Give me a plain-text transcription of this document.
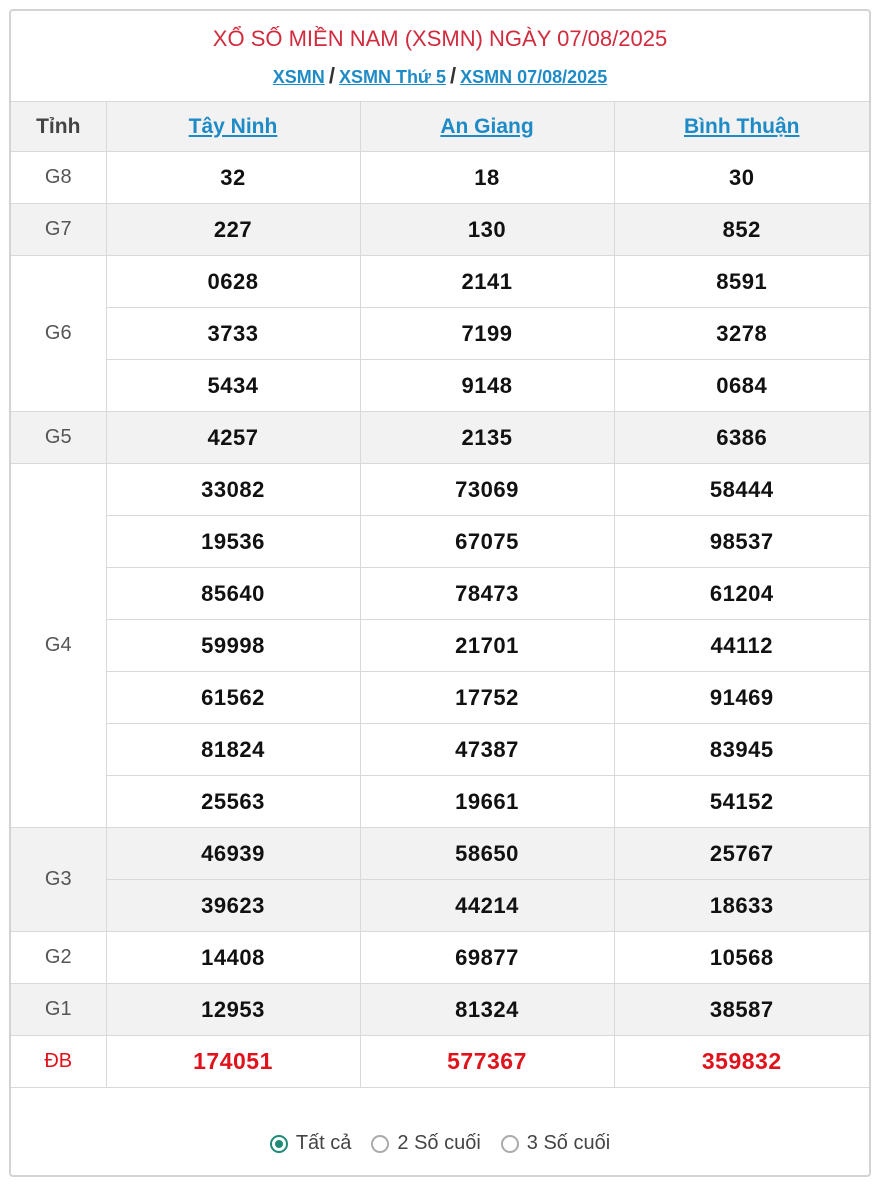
XỔ SỐ MIỀN NAM (XSMN) NGÀY 07/08/2025
XSMN / XSMN Thứ 5 / XSMN 07/08/2025
Tỉnh	Tây Ninh	An Giang	Bình Thuận
G8	32	18	30
G7	227	130	852
G6	0628	2141	8591
	3733	7199	3278
	5434	9148	0684
G5	4257	2135	6386
G4	33082	73069	58444
	19536	67075	98537
	85640	78473	61204
	59998	21701	44112
	61562	17752	91469
	81824	47387	83945
	25563	19661	54152
G3	46939	58650	25767
	39623	44214	18633
G2	14408	69877	10568
G1	12953	81324	38587
ĐB	174051	577367	359832
Tất cả 2 Số cuối 3 Số cuối
